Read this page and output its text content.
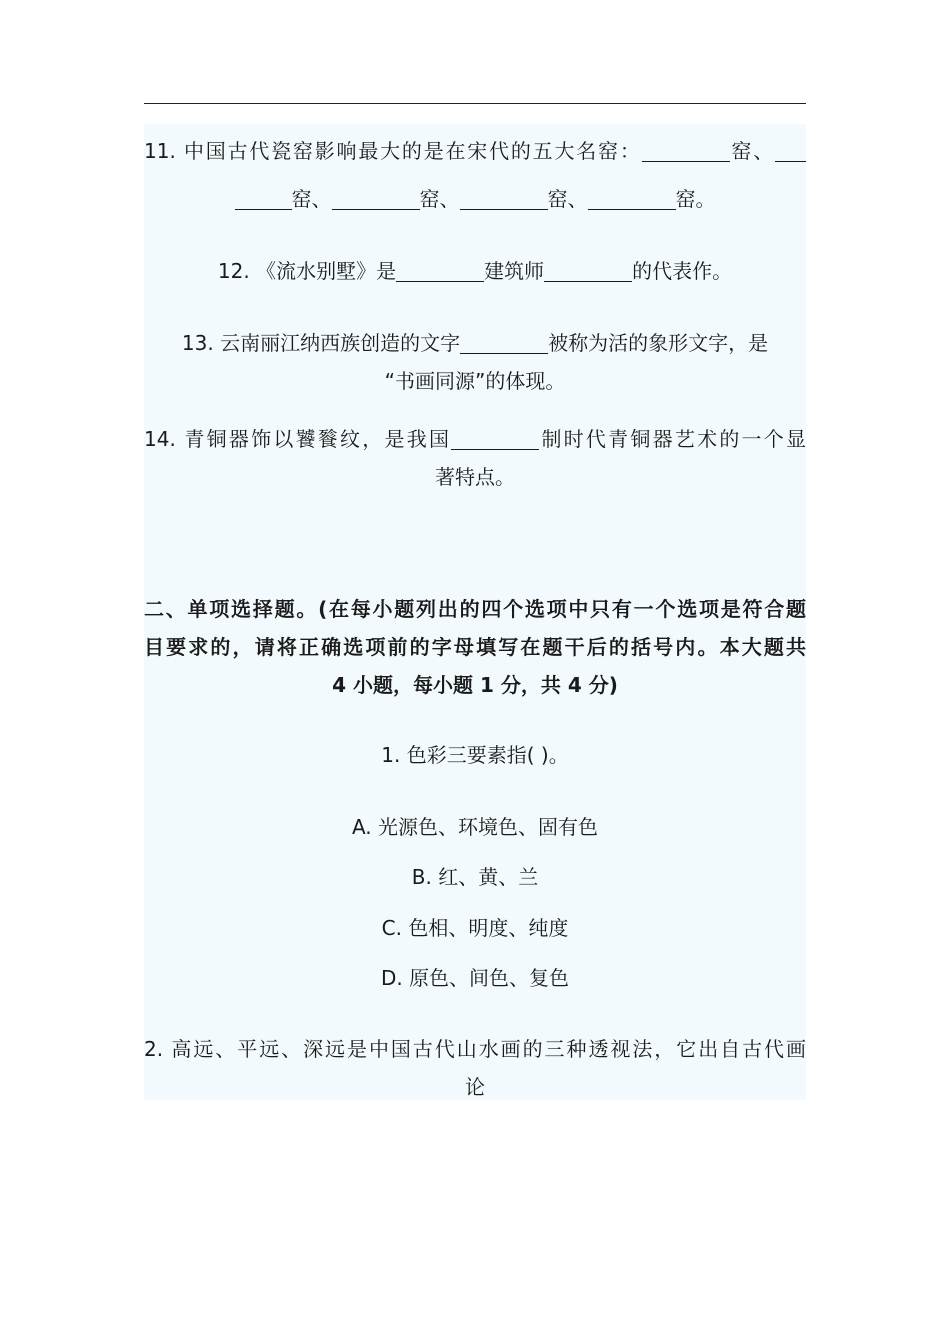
11. 中国古代瓷窑影响最大的是在宋代的五大名窑：	窑、
窑、	窑、	窑、	窑。
12. 《流水别墅》是	建筑师	的代表作。
13. 云南丽江纳西族创造的文字	被称为活的象形文字，是
“书画同源”的体现。
14. 青铜器饰以饕餮纹，是我国	制时代青铜器艺术的一个显
著特点。
二、单项选择题。(在每小题列出的四个选项中只有一个选项是符合题
目要求的，请将正确选项前的字母填写在题干后的括号内。本大题共
4 小题，每小题 1 分，共 4 分)
1. 色彩三要素指( )。
A. 光源色、环境色、固有色
B. 红、黄、兰
C. 色相、明度、纯度
D. 原色、间色、复色
2. 高远、平远、深远是中国古代山水画的三种透视法，它出自古代画
论
